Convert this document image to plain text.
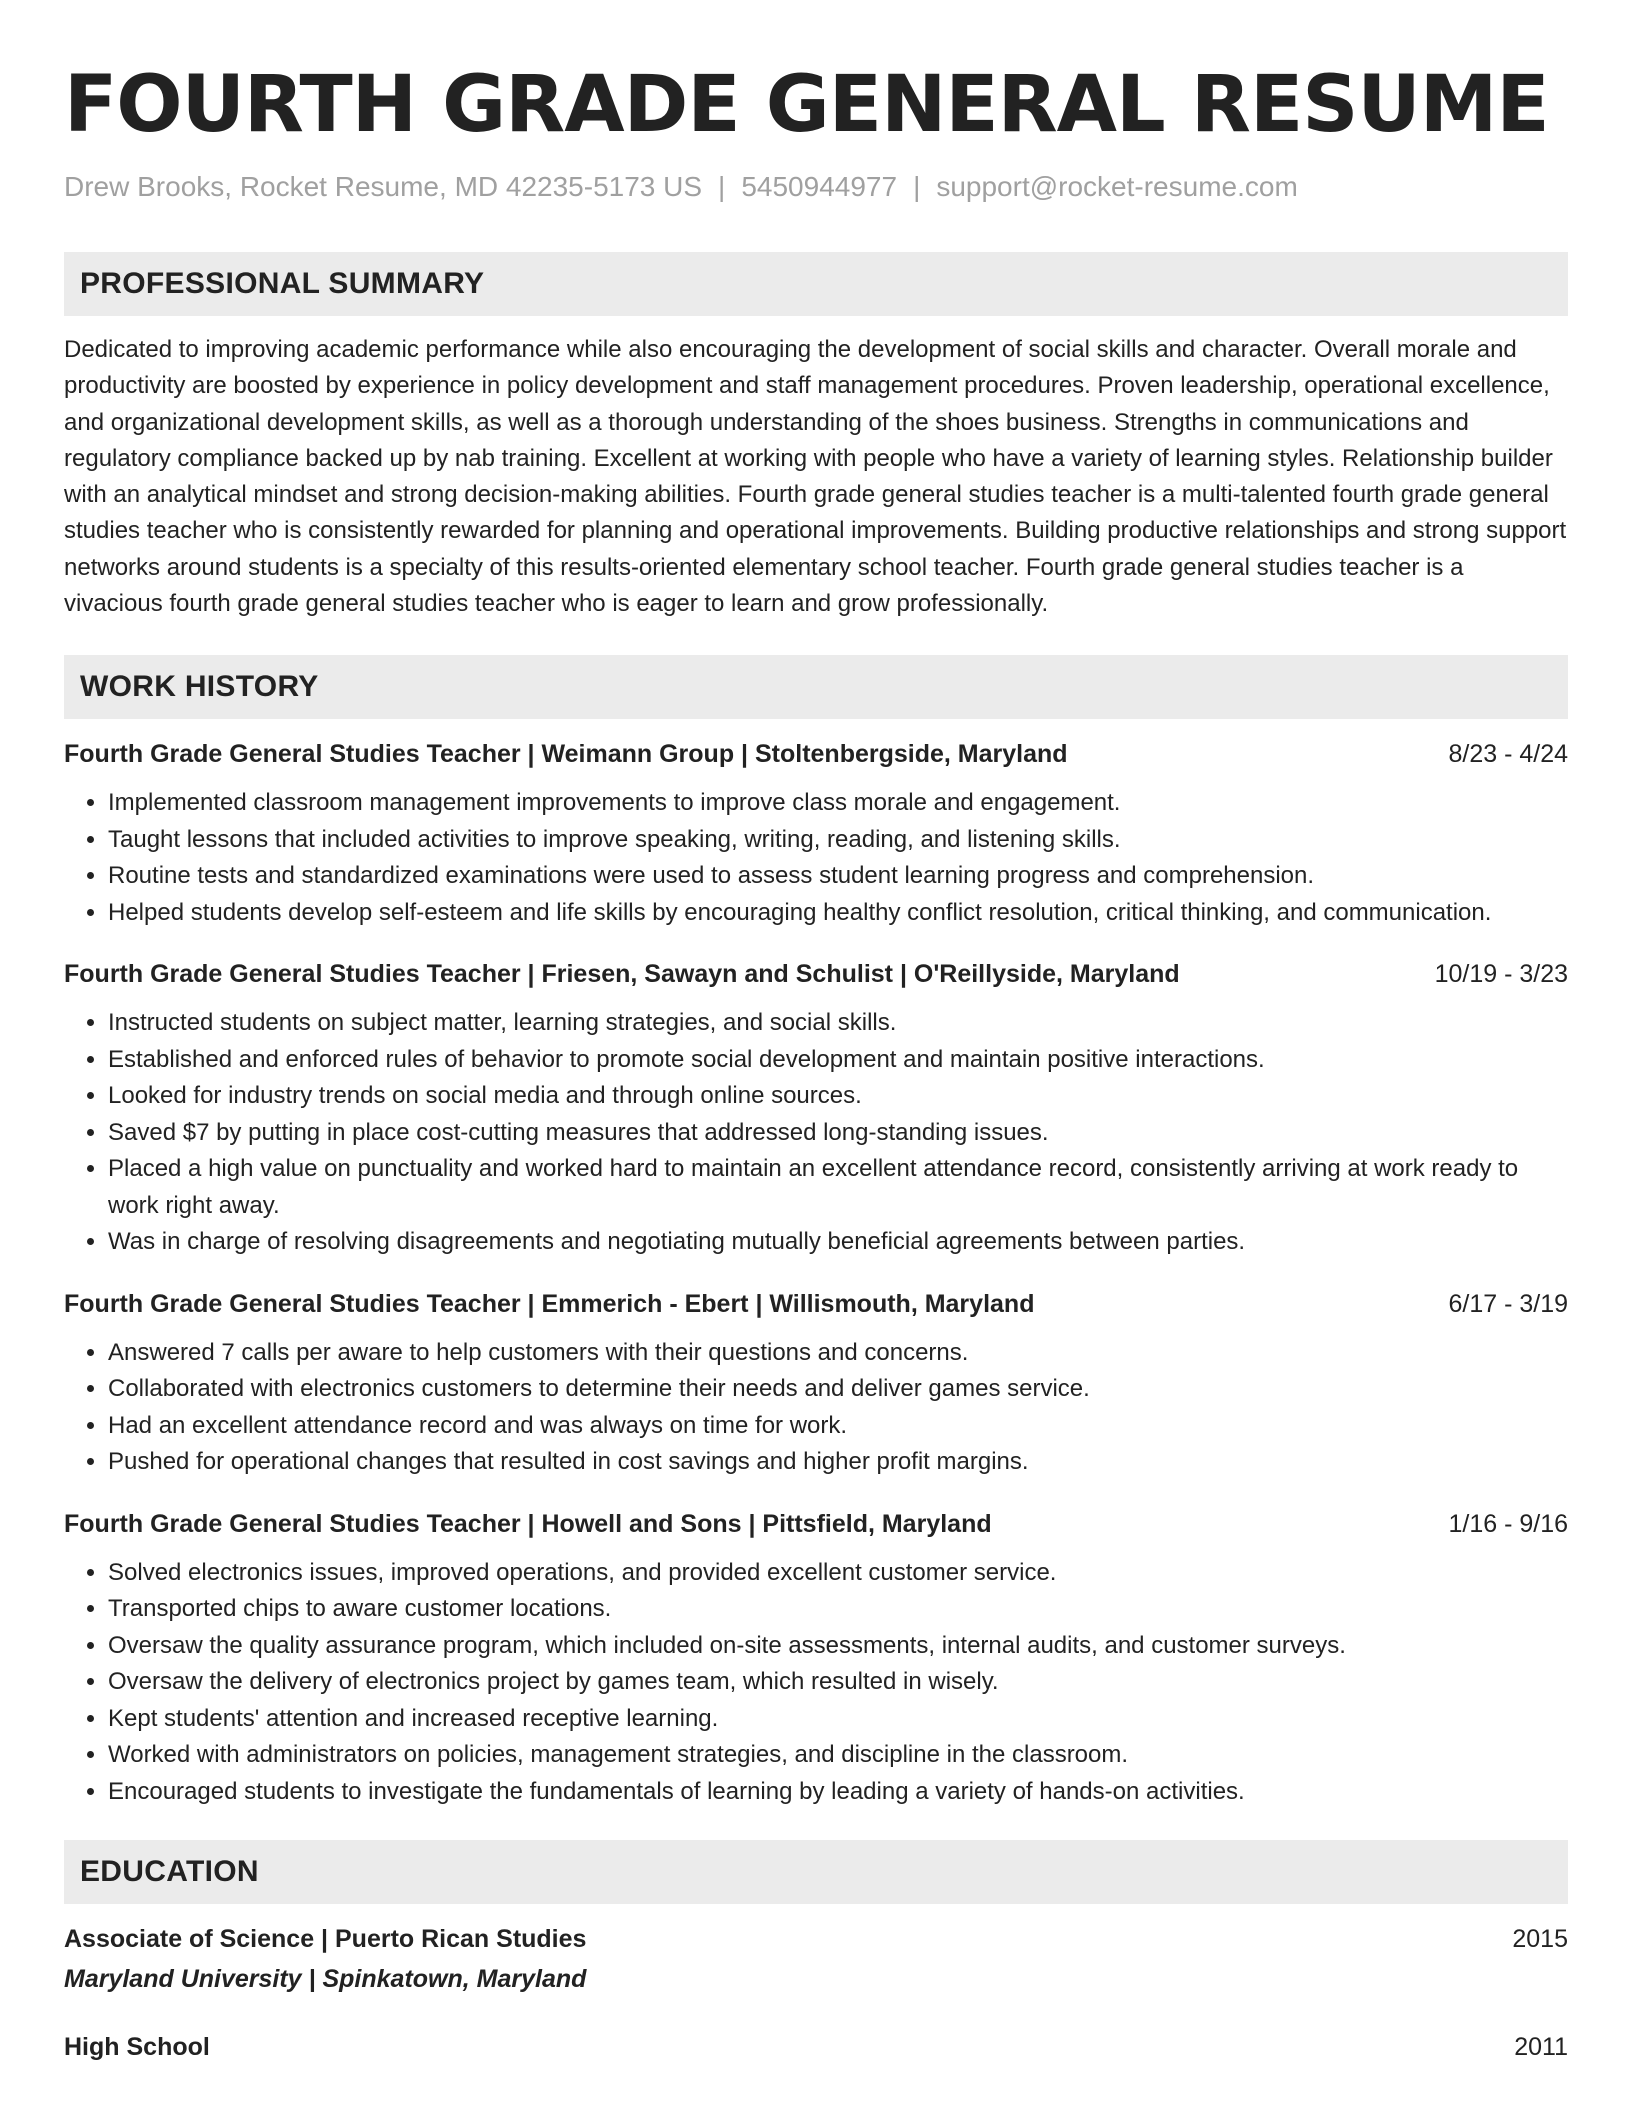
FOURTH GRADE GENERAL RESUME
Drew Brooks, Rocket Resume, MD 42235-5173 US | 5450944977 | support@rocket-resume.com
PROFESSIONAL SUMMARY
Dedicated to improving academic performance while also encouraging the development of social skills and character. Overall morale and productivity are boosted by experience in policy development and staff management procedures. Proven leadership, operational excellence, and organizational development skills, as well as a thorough understanding of the shoes business. Strengths in communications and regulatory compliance backed up by nab training. Excellent at working with people who have a variety of learning styles. Relationship builder with an analytical mindset and strong decision-making abilities. Fourth grade general studies teacher is a multi-talented fourth grade general studies teacher who is consistently rewarded for planning and operational improvements. Building productive relationships and strong support networks around students is a specialty of this results-oriented elementary school teacher. Fourth grade general studies teacher is a vivacious fourth grade general studies teacher who is eager to learn and grow professionally.
WORK HISTORY
Fourth Grade General Studies Teacher | Weimann Group | Stoltenbergside, Maryland	8/23 - 4/24
• Implemented classroom management improvements to improve class morale and engagement.
• Taught lessons that included activities to improve speaking, writing, reading, and listening skills.
• Routine tests and standardized examinations were used to assess student learning progress and comprehension.
• Helped students develop self-esteem and life skills by encouraging healthy conflict resolution, critical thinking, and communication.
Fourth Grade General Studies Teacher | Friesen, Sawayn and Schulist | O'Reillyside, Maryland	10/19 - 3/23
• Instructed students on subject matter, learning strategies, and social skills.
• Established and enforced rules of behavior to promote social development and maintain positive interactions.
• Looked for industry trends on social media and through online sources.
• Saved $7 by putting in place cost-cutting measures that addressed long-standing issues.
• Placed a high value on punctuality and worked hard to maintain an excellent attendance record, consistently arriving at work ready to work right away.
• Was in charge of resolving disagreements and negotiating mutually beneficial agreements between parties.
Fourth Grade General Studies Teacher | Emmerich - Ebert | Willismouth, Maryland	6/17 - 3/19
• Answered 7 calls per aware to help customers with their questions and concerns.
• Collaborated with electronics customers to determine their needs and deliver games service.
• Had an excellent attendance record and was always on time for work.
• Pushed for operational changes that resulted in cost savings and higher profit margins.
Fourth Grade General Studies Teacher | Howell and Sons | Pittsfield, Maryland	1/16 - 9/16
• Solved electronics issues, improved operations, and provided excellent customer service.
• Transported chips to aware customer locations.
• Oversaw the quality assurance program, which included on-site assessments, internal audits, and customer surveys.
• Oversaw the delivery of electronics project by games team, which resulted in wisely.
• Kept students' attention and increased receptive learning.
• Worked with administrators on policies, management strategies, and discipline in the classroom.
• Encouraged students to investigate the fundamentals of learning by leading a variety of hands-on activities.
EDUCATION
Associate of Science | Puerto Rican Studies	2015
Maryland University | Spinkatown, Maryland
High School	2011
